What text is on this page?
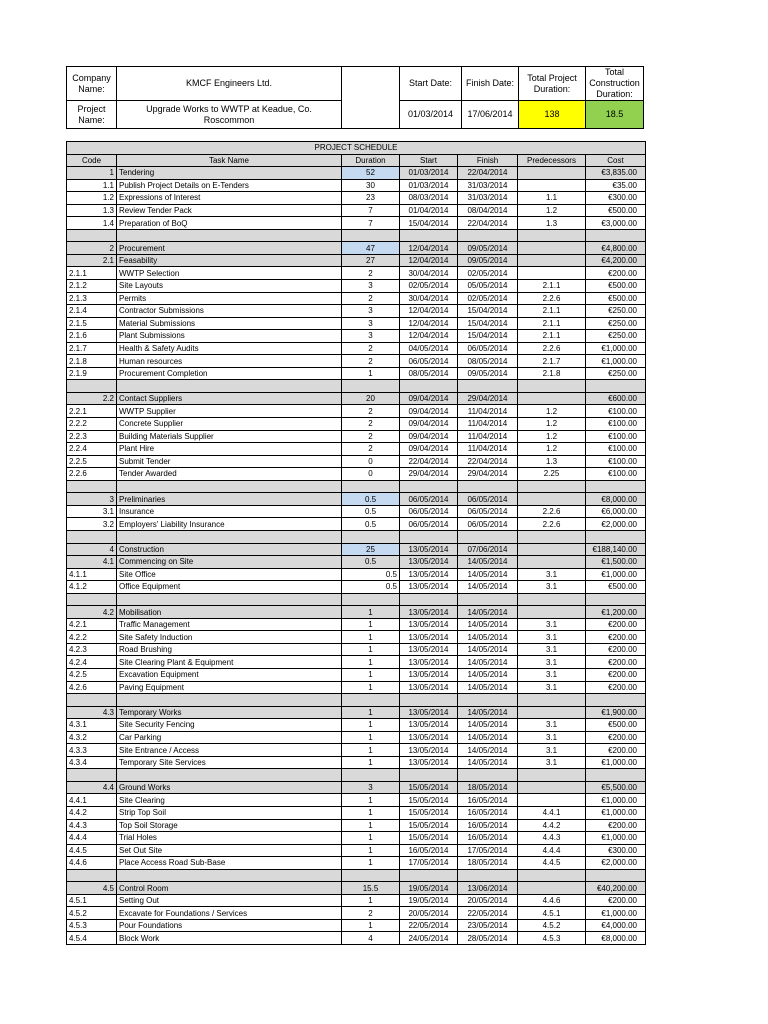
Company Name:	KMCF Engineers Ltd.		Start Date:	Finish Date:	Total Project Duration:	Total Construction Duration:
Project Name:	Upgrade Works to WWTP at Keadue, Co. Roscommon		01/03/2014	17/06/2014	138	18.5
PROJECT SCHEDULE						
Code	Task Name	Duration	Start	Finish	Predecessors	Cost
1	Tendering	52	01/03/2014	22/04/2014		€3,835.00
1.1	Publish Project Details on E-Tenders	30	01/03/2014	31/03/2014		€35.00
1.2	Expressions of Interest	23	08/03/2014	31/03/2014	1.1	€300.00
1.3	Review Tender Pack	7	01/04/2014	08/04/2014	1.2	€500.00
1.4	Preparation of BoQ	7	15/04/2014	22/04/2014	1.3	€3,000.00

2	Procurement	47	12/04/2014	09/05/2014		€4,800.00
2.1	Feasability	27	12/04/2014	09/05/2014		€4,200.00
2.1.1	WWTP Selection	2	30/04/2014	02/05/2014		€200.00
2.1.2	Site Layouts	3	02/05/2014	05/05/2014	2.1.1	€500.00
2.1.3	Permits	2	30/04/2014	02/05/2014	2.2.6	€500.00
2.1.4	Contractor Submissions	3	12/04/2014	15/04/2014	2.1.1	€250.00
2.1.5	Material Submissions	3	12/04/2014	15/04/2014	2.1.1	€250.00
2.1.6	Plant Submissions	3	12/04/2014	15/04/2014	2.1.1	€250.00
2.1.7	Health & Safety Audits	2	04/05/2014	06/05/2014	2.2.6	€1,000.00
2.1.8	Human resources	2	06/05/2014	08/05/2014	2.1.7	€1,000.00
2.1.9	Procurement Completion	1	08/05/2014	09/05/2014	2.1.8	€250.00

2.2	Contact Suppliers	20	09/04/2014	29/04/2014		€600.00
2.2.1	WWTP Supplier	2	09/04/2014	11/04/2014	1.2	€100.00
2.2.2	Concrete Supplier	2	09/04/2014	11/04/2014	1.2	€100.00
2.2.3	Building Materials Supplier	2	09/04/2014	11/04/2014	1.2	€100.00
2.2.4	Plant Hire	2	09/04/2014	11/04/2014	1.2	€100.00
2.2.5	Submit Tender	0	22/04/2014	22/04/2014	1.3	€100.00
2.2.6	Tender Awarded	0	29/04/2014	29/04/2014	2.25	€100.00

3	Preliminaries	0.5	06/05/2014	06/05/2014		€8,000.00
3.1	Insurance	0.5	06/05/2014	06/05/2014	2.2.6	€6,000.00
3.2	Employers' Liability Insurance	0.5	06/05/2014	06/05/2014	2.2.6	€2,000.00

4	Construction	25	13/05/2014	07/06/2014		€188,140.00
4.1	Commencing on Site	0.5	13/05/2014	14/05/2014		€1,500.00
4.1.1	Site Office	0.5	13/05/2014	14/05/2014	3.1	€1,000.00
4.1.2	Office Equipment	0.5	13/05/2014	14/05/2014	3.1	€500.00

4.2	Mobilisation	1	13/05/2014	14/05/2014		€1,200.00
4.2.1	Traffic Management	1	13/05/2014	14/05/2014	3.1	€200.00
4.2.2	Site Safety Induction	1	13/05/2014	14/05/2014	3.1	€200.00
4.2.3	Road Brushing	1	13/05/2014	14/05/2014	3.1	€200.00
4.2.4	Site Clearing Plant & Equipment	1	13/05/2014	14/05/2014	3.1	€200.00
4.2.5	Excavation Equipment	1	13/05/2014	14/05/2014	3.1	€200.00
4.2.6	Paving Equipment	1	13/05/2014	14/05/2014	3.1	€200.00

4.3	Temporary Works	1	13/05/2014	14/05/2014		€1,900.00
4.3.1	Site Security Fencing	1	13/05/2014	14/05/2014	3.1	€500.00
4.3.2	Car Parking	1	13/05/2014	14/05/2014	3.1	€200.00
4.3.3	Site Entrance / Access	1	13/05/2014	14/05/2014	3.1	€200.00
4.3.4	Temporary Site Services	1	13/05/2014	14/05/2014	3.1	€1,000.00

4.4	Ground Works	3	15/05/2014	18/05/2014		€5,500.00
4.4.1	Site Clearing	1	15/05/2014	16/05/2014		€1,000.00
4.4.2	Strip Top Soil	1	15/05/2014	16/05/2014	4.4.1	€1,000.00
4.4.3	Top Soil Storage	1	15/05/2014	16/05/2014	4.4.2	€200.00
4.4.4	Trial Holes	1	15/05/2014	16/05/2014	4.4.3	€1,000.00
4.4.5	Set Out Site	1	16/05/2014	17/05/2014	4.4.4	€300.00
4.4.6	Place Access Road Sub-Base	1	17/05/2014	18/05/2014	4.4.5	€2,000.00

4.5	Control Room	15.5	19/05/2014	13/06/2014		€40,200.00
4.5.1	Setting Out	1	19/05/2014	20/05/2014	4.4.6	€200.00
4.5.2	Excavate for Foundations / Services	2	20/05/2014	22/05/2014	4.5.1	€1,000.00
4.5.3	Pour Foundations	1	22/05/2014	23/05/2014	4.5.2	€4,000.00
4.5.4	Block Work	4	24/05/2014	28/05/2014	4.5.3	€8,000.00
